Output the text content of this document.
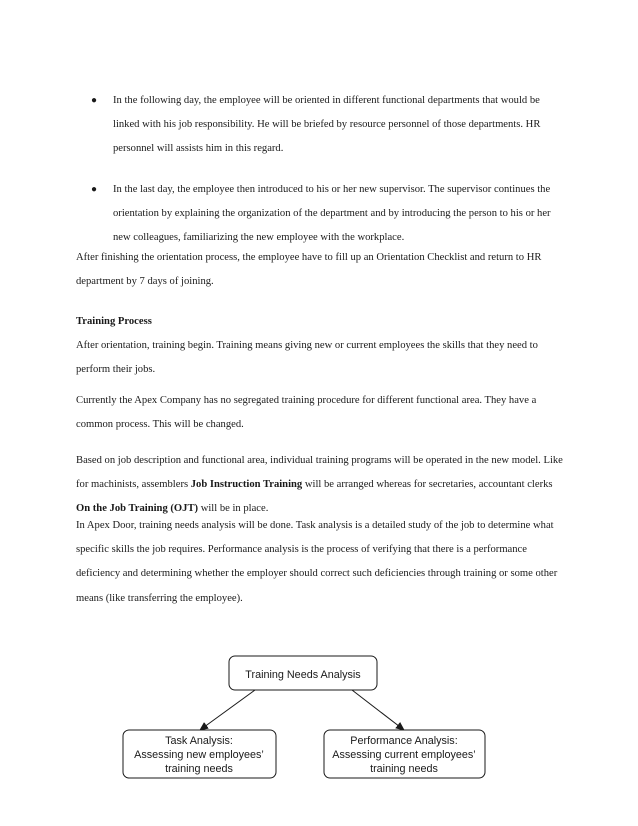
● In the following day, the employee will be oriented in different functional departments that would be linked with his job responsibility. He will be briefed by resource personnel of those departments. HR personnel will assists him in this regard.
● In the last day, the employee then introduced to his or her new supervisor. The supervisor continues the orientation by explaining the organization of the department and by introducing the person to his or her new colleagues, familiarizing the new employee with the workplace.

After finishing the orientation process, the employee have to fill up an Orientation Checklist and return to HR department by 7 days of joining.

Training Process
After orientation, training begin. Training means giving new or current employees the skills that they need to perform their jobs.

Currently the Apex Company has no segregated training procedure for different functional area. They have a common process. This will be changed.

Based on job description and functional area, individual training programs will be operated in the new model. Like for machinists, assemblers Job Instruction Training will be arranged whereas for secretaries, accountant clerks On the Job Training (OJT) will be in place.

In Apex Door, training needs analysis will be done. Task analysis is a detailed study of the job to determine what specific skills the job requires. Performance analysis is the process of verifying that there is a performance deficiency and determining whether the employer should correct such deficiencies through training or some other means (like transferring the employee).

Training Needs Analysis
Task Analysis:
Assessing new employees’
training needs
Performance Analysis:
Assessing current employees’
training needs
